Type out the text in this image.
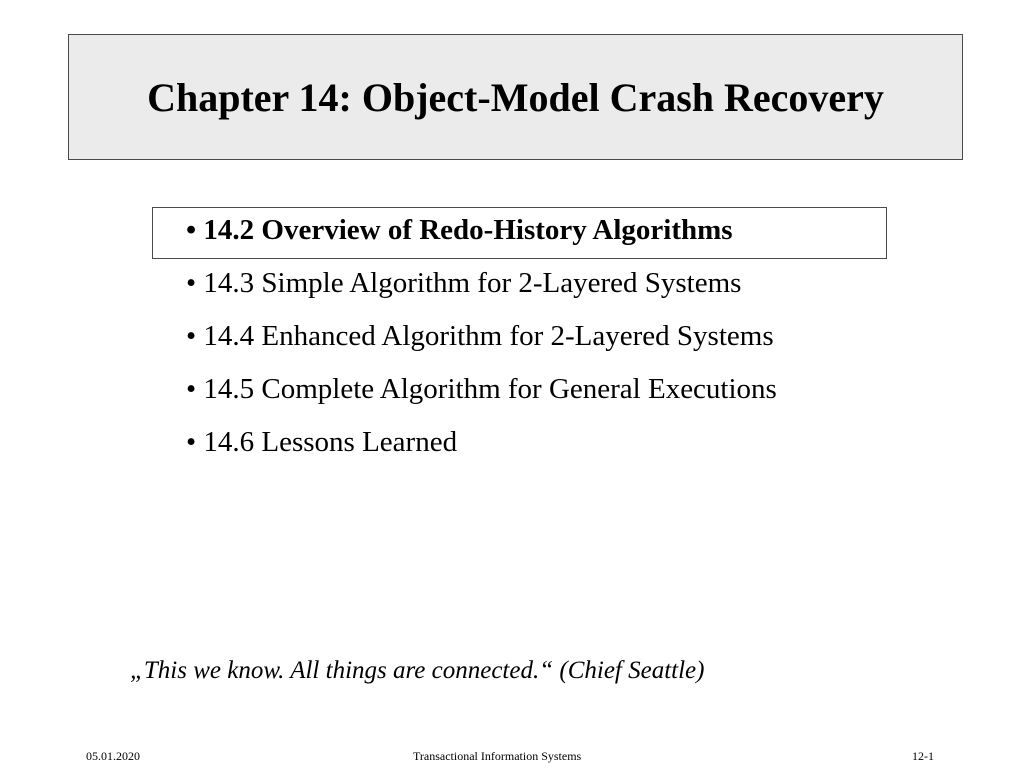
Chapter 14: Object-Model Crash Recovery
• 14.2 Overview of Redo-History Algorithms
• 14.3 Simple Algorithm for 2-Layered Systems
• 14.4 Enhanced Algorithm for 2-Layered Systems
• 14.5 Complete Algorithm for General Executions
• 14.6 Lessons Learned
„This we know. All things are connected.“ (Chief Seattle)
05.01.2020	Transactional Information Systems	12-1
